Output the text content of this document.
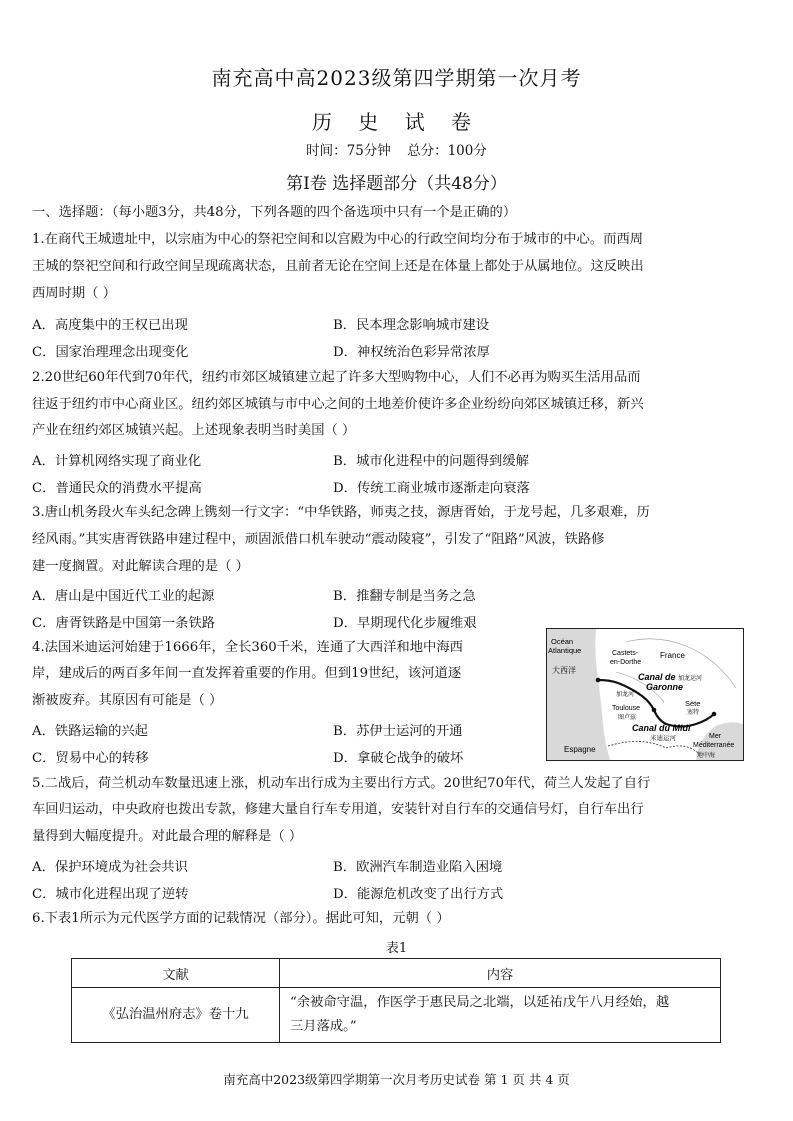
南充高中高2023级第四学期第一次月考
历 史 试 卷
时间：75分钟 总分：100分
第Ⅰ卷 选择题部分（共48分）
一、选择题：（每小题3分，共48分，下列各题的四个备选项中只有一个是正确的）
1.在商代王城遗址中，以宗庙为中心的祭祀空间和以宫殿为中心的行政空间均分布于城市的中心。而西周
王城的祭祀空间和行政空间呈现疏离状态，且前者无论在空间上还是在体量上都处于从属地位。这反映出
西周时期（ ）
A．高度集中的王权已出现	B．民本理念影响城市建设
C．国家治理理念出现变化	D．神权统治色彩异常浓厚
2.20世纪60年代到70年代，纽约市郊区城镇建立起了许多大型购物中心，人们不必再为购买生活用品而
往返于纽约市中心商业区。纽约郊区城镇与市中心之间的土地差价使许多企业纷纷向郊区城镇迁移，新兴
产业在纽约郊区城镇兴起。上述现象表明当时美国（ ）
A．计算机网络实现了商业化	B．城市化进程中的问题得到缓解
C．普通民众的消费水平提高	D．传统工商业城市逐渐走向衰落
3.唐山机务段火车头纪念碑上镌刻一行文字：“中华铁路，师夷之技，源唐胥始，于龙号起，几多艰难，历
经风雨。”其实唐胥铁路申建过程中，顽固派借口机车驶动“震动陵寝”，引发了“阻路”风波，铁路修
建一度搁置。对此解读合理的是（ ）
A．唐山是中国近代工业的起源	B．推翻专制是当务之急
C．唐胥铁路是中国第一条铁路	D．早期现代化步履维艰
4.法国米迪运河始建于1666年，全长360千米，连通了大西洋和地中海西
岸，建成后的两百多年间一直发挥着重要的作用。但到19世纪，该河道逐
渐被废弃。其原因有可能是（ ）
A．铁路运输的兴起	B．苏伊士运河的开通
C．贸易中心的转移	D．拿破仑战争的破坏
Océan
Atlantique
大西洋
France
Castets-
en-Dorthe
Canal de 加龙运河
Garonne
加龙河
Toulouse
图卢兹
Sète
塞特
Canal du Midi
米迪运河
Espagne
Mer
Méditerranée
地中海
5.二战后，荷兰机动车数量迅速上涨，机动车出行成为主要出行方式。20世纪70年代，荷兰人发起了自行
车回归运动，中央政府也拨出专款，修建大量自行车专用道，安装针对自行车的交通信号灯，自行车出行
量得到大幅度提升。对此最合理的解释是（ ）
A．保护环境成为社会共识	B．欧洲汽车制造业陷入困境
C．城市化进程出现了逆转	D．能源危机改变了出行方式
6.下表1所示为元代医学方面的记载情况（部分）。据此可知，元朝（ ）
表1
文献	内容
《弘治温州府志》卷十九	“余被命守温，作医学于惠民局之北端，以延祐戊午八月经始，越
三月落成。”
南充高中2023级第四学期第一次月考历史试卷 第 1 页 共 4 页
